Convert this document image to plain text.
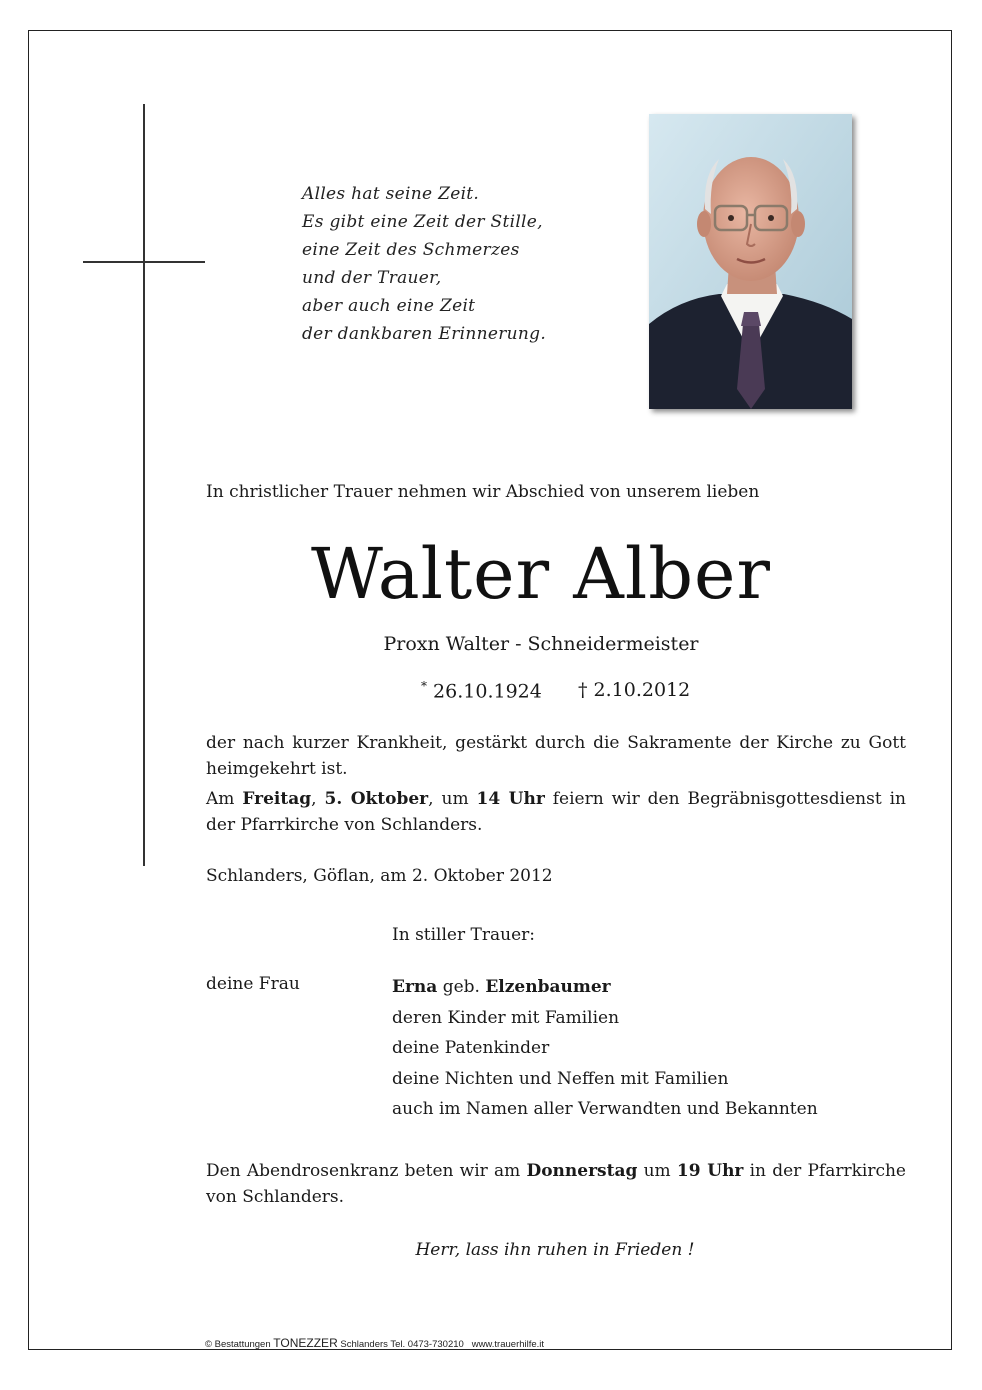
Alles hat seine Zeit.
Es gibt eine Zeit der Stille,
eine Zeit des Schmerzes
und der Trauer,
aber auch eine Zeit
der dankbaren Erinnerung.
In christlicher Trauer nehmen wir Abschied von unserem lieben
Walter Alber
Proxn Walter - Schneidermeister
* 26.10.1924 † 2.10.2012
der nach kurzer Krankheit, gestärkt durch die Sakramente der Kirche zu Gott heimgekehrt ist.
Am Freitag, 5. Oktober, um 14 Uhr feiern wir den Begräbnisgottesdienst in der Pfarrkirche von Schlanders.
Schlanders, Göflan, am 2. Oktober 2012
In stiller Trauer:
deine Frau	Erna geb. Elzenbaumer
deren Kinder mit Familien
deine Patenkinder
deine Nichten und Neffen mit Familien
auch im Namen aller Verwandten und Bekannten
Den Abendrosenkranz beten wir am Donnerstag um 19 Uhr in der Pfarrkirche von Schlanders.
Herr, lass ihn ruhen in Frieden !
© Bestattungen TONEZZER Schlanders Tel. 0473-730210   www.trauerhilfe.it
